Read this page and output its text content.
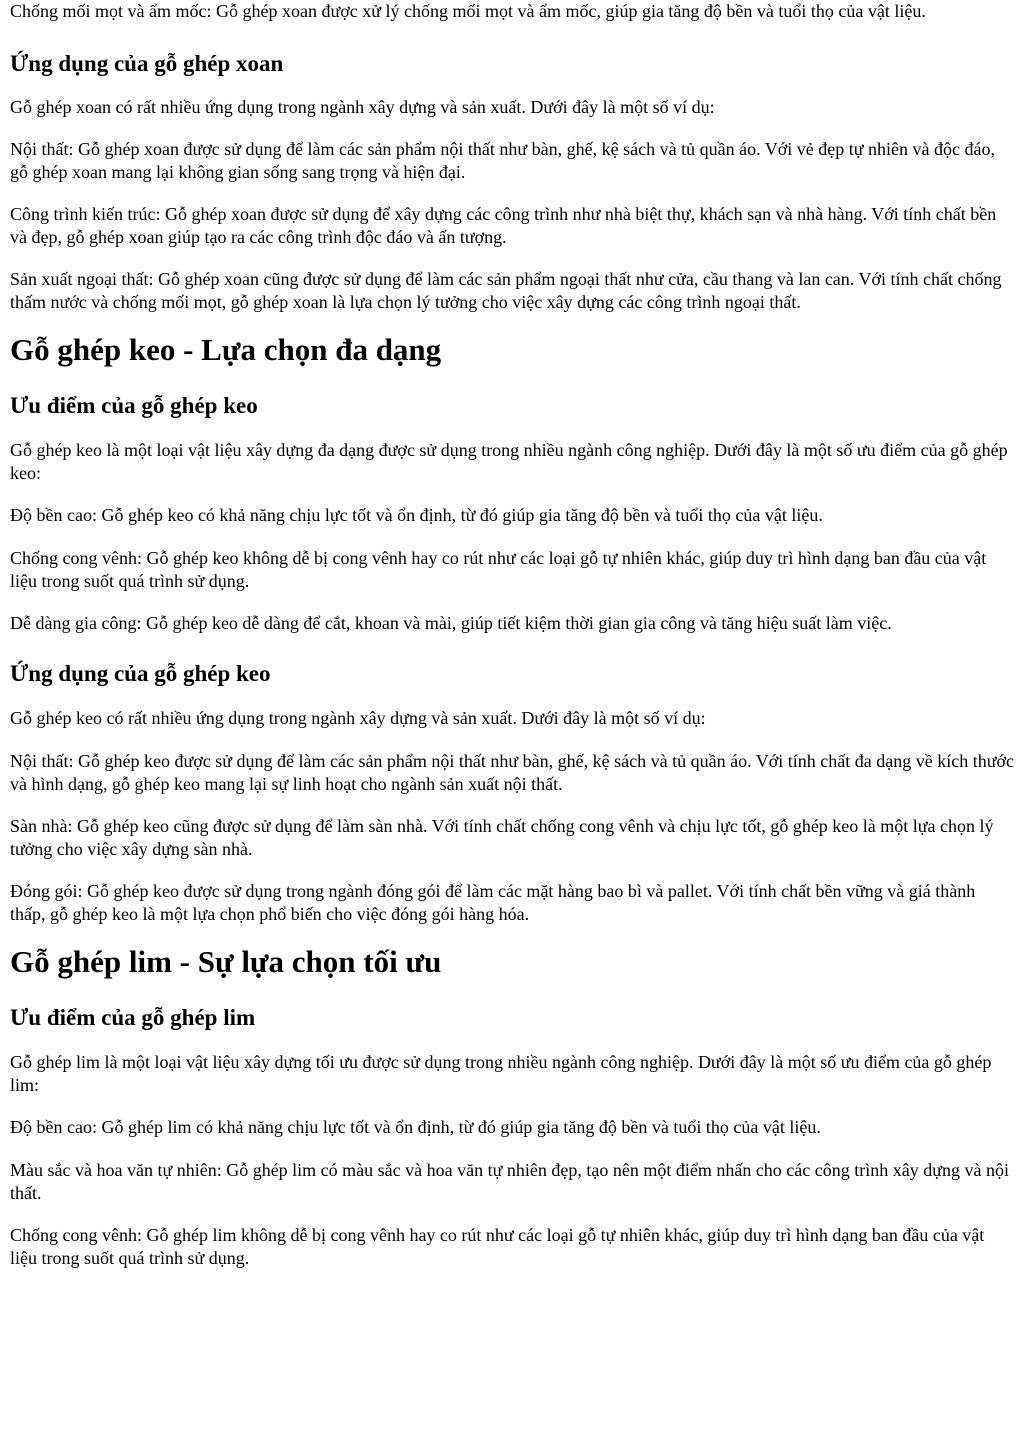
Chống mối mọt và ẩm mốc: Gỗ ghép xoan được xử lý chống mối mọt và ẩm mốc, giúp gia tăng độ bền và tuổi thọ của vật liệu.

Ứng dụng của gỗ ghép xoan

Gỗ ghép xoan có rất nhiều ứng dụng trong ngành xây dựng và sản xuất. Dưới đây là một số ví dụ:

Nội thất: Gỗ ghép xoan được sử dụng để làm các sản phẩm nội thất như bàn, ghế, kệ sách và tủ quần áo. Với vẻ đẹp tự nhiên và độc đáo, gỗ ghép xoan mang lại không gian sống sang trọng và hiện đại.

Công trình kiến trúc: Gỗ ghép xoan được sử dụng để xây dựng các công trình như nhà biệt thự, khách sạn và nhà hàng. Với tính chất bền và đẹp, gỗ ghép xoan giúp tạo ra các công trình độc đáo và ấn tượng.

Sản xuất ngoại thất: Gỗ ghép xoan cũng được sử dụng để làm các sản phẩm ngoại thất như cửa, cầu thang và lan can. Với tính chất chống thấm nước và chống mối mọt, gỗ ghép xoan là lựa chọn lý tưởng cho việc xây dựng các công trình ngoại thất.

Gỗ ghép keo - Lựa chọn đa dạng
Ưu điểm của gỗ ghép keo

Gỗ ghép keo là một loại vật liệu xây dựng đa dạng được sử dụng trong nhiều ngành công nghiệp. Dưới đây là một số ưu điểm của gỗ ghép keo:

Độ bền cao: Gỗ ghép keo có khả năng chịu lực tốt và ổn định, từ đó giúp gia tăng độ bền và tuổi thọ của vật liệu.

Chống cong vênh: Gỗ ghép keo không dễ bị cong vênh hay co rút như các loại gỗ tự nhiên khác, giúp duy trì hình dạng ban đầu của vật liệu trong suốt quá trình sử dụng.

Dễ dàng gia công: Gỗ ghép keo dễ dàng để cắt, khoan và mài, giúp tiết kiệm thời gian gia công và tăng hiệu suất làm việc.

Ứng dụng của gỗ ghép keo

Gỗ ghép keo có rất nhiều ứng dụng trong ngành xây dựng và sản xuất. Dưới đây là một số ví dụ:

Nội thất: Gỗ ghép keo được sử dụng để làm các sản phẩm nội thất như bàn, ghế, kệ sách và tủ quần áo. Với tính chất đa dạng về kích thước và hình dạng, gỗ ghép keo mang lại sự linh hoạt cho ngành sản xuất nội thất.

Sàn nhà: Gỗ ghép keo cũng được sử dụng để làm sàn nhà. Với tính chất chống cong vênh và chịu lực tốt, gỗ ghép keo là một lựa chọn lý tưởng cho việc xây dựng sàn nhà.

Đóng gói: Gỗ ghép keo được sử dụng trong ngành đóng gói để làm các mặt hàng bao bì và pallet. Với tính chất bền vững và giá thành thấp, gỗ ghép keo là một lựa chọn phổ biến cho việc đóng gói hàng hóa.

Gỗ ghép lim - Sự lựa chọn tối ưu
Ưu điểm của gỗ ghép lim

Gỗ ghép lim là một loại vật liệu xây dựng tối ưu được sử dụng trong nhiều ngành công nghiệp. Dưới đây là một số ưu điểm của gỗ ghép lim:

Độ bền cao: Gỗ ghép lim có khả năng chịu lực tốt và ổn định, từ đó giúp gia tăng độ bền và tuổi thọ của vật liệu.

Màu sắc và hoa văn tự nhiên: Gỗ ghép lim có màu sắc và hoa văn tự nhiên đẹp, tạo nên một điểm nhấn cho các công trình xây dựng và nội thất.

Chống cong vênh: Gỗ ghép lim không dễ bị cong vênh hay co rút như các loại gỗ tự nhiên khác, giúp duy trì hình dạng ban đầu của vật liệu trong suốt quá trình sử dụng.
